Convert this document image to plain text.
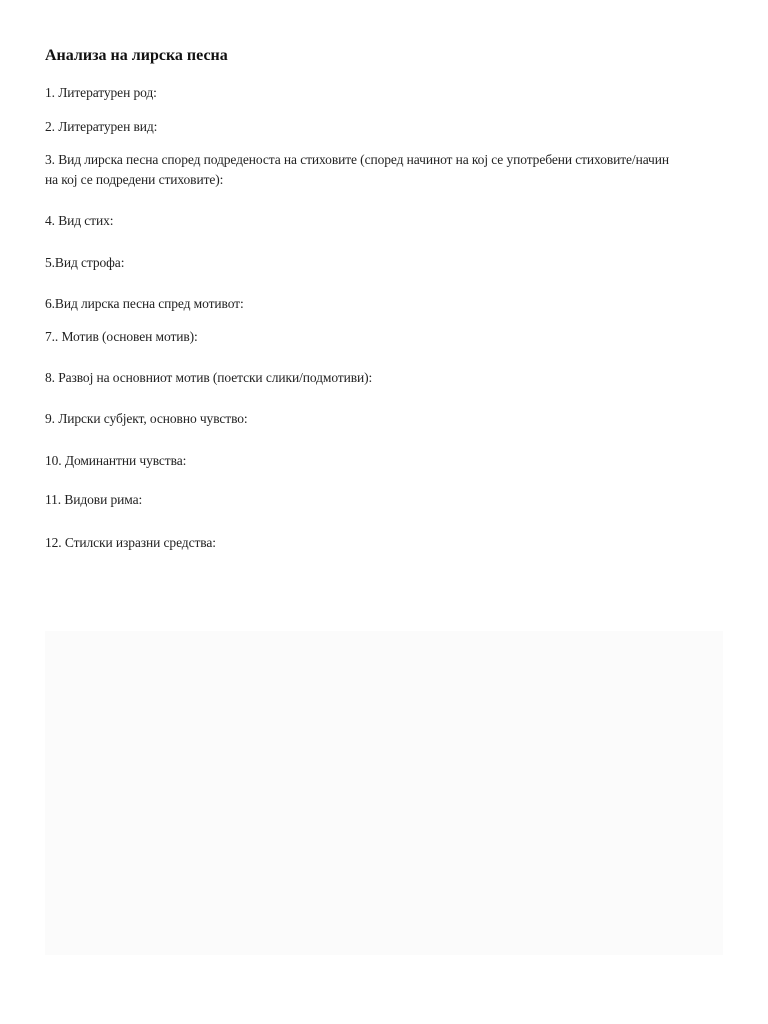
Анализа на лирска песна
1. Литературен род:
2. Литературен вид:
3. Вид лирска песна според подреденоста на стиховите (според начинот на кој се употребени стиховите/начин на кој се подредени стиховите):
4. Вид стих:
5.Вид строфа:
6.Вид лирска песна спред мотивот:
7.. Мотив (основен мотив):
8. Развој на основниот мотив (поетски слики/подмотиви):
9. Лирски субјект, основно чувство:
10. Доминантни чувства:
11. Видови рима:
12. Стилски изразни средства:
